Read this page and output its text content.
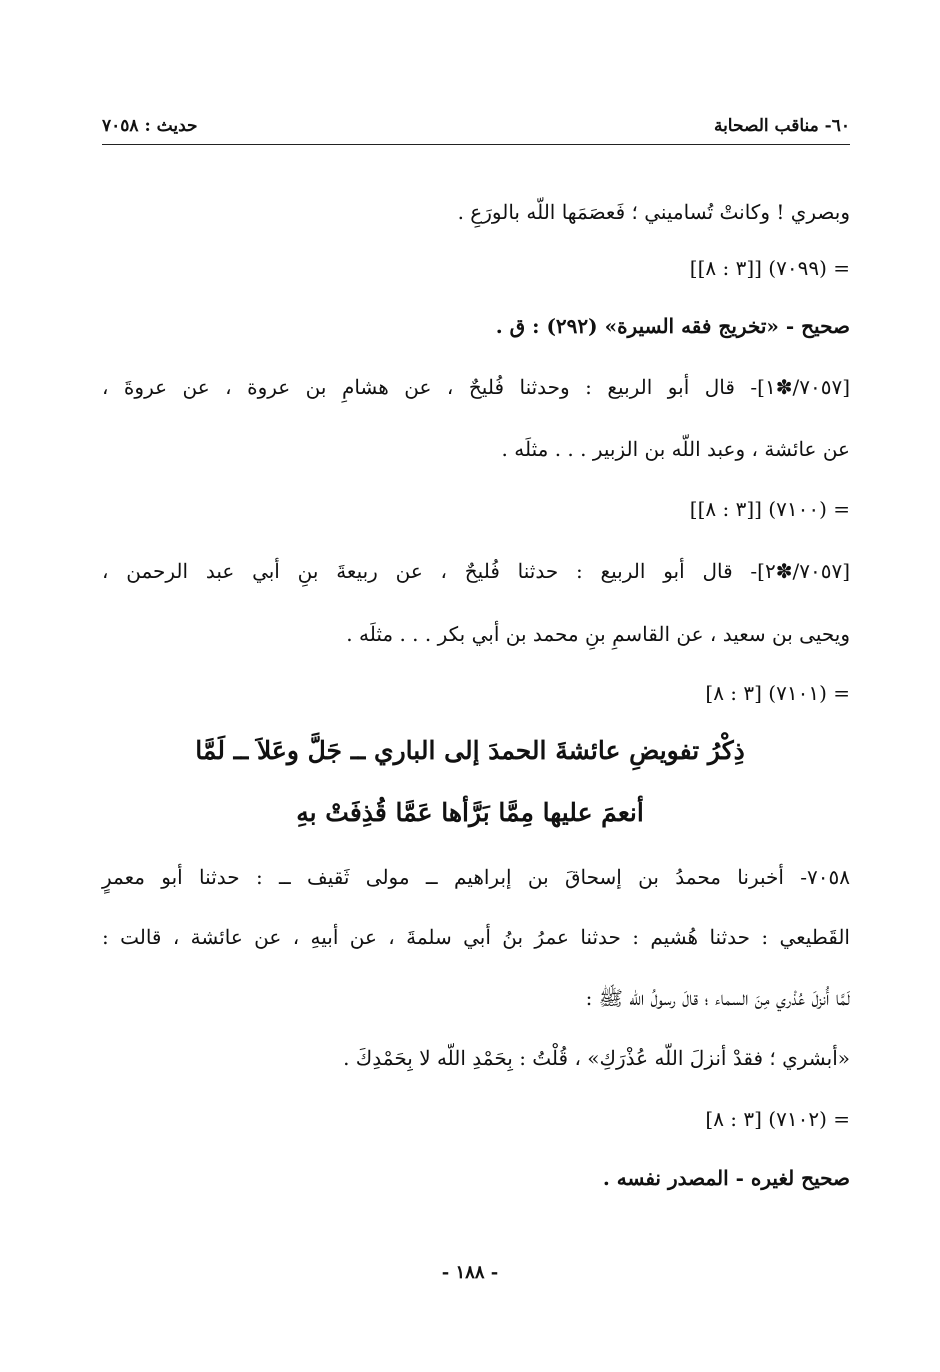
٦٠- مناقب الصحابة
حديث : ٧٠٥٨
وبصري ! وكانتْ تُساميني ؛ فَعصَمَها اللّه بالورَعِ .
= (٧٠٩٩) [[٣ : ٨]]
صحيح - «تخريج فقه السيرة» (٢٩٢) : ق .
[٧٠٥٧/✽١]- قال أبو الربيع : وحدثنا فُليحٌ ، عن هشامِ بن عروة ، عن عروةَ ،
عن عائشة ، وعبد اللّه بن الزبير . . . مثلَه .
= (٧١٠٠) [[٣ : ٨]]
[٧٠٥٧/✽٢]- قال أبو الربيع : حدثنا فُليحٌ ، عن ربيعةَ بنِ أبي عبد الرحمن ،
ويحيى بن سعيد ، عن القاسمِ بنِ محمد بن أبي بكر . . . مثلَه .
= (٧١٠١) [٣ : ٨]
ذِكْرُ تفويضِ عائشةَ الحمدَ إلى الباري ــ جَلَّ وعَلاَ ــ لَمَّا
أنعمَ عليها مِمَّا بَرَّأها عَمَّا قُذِفَتْ بهِ
٧٠٥٨- أخبرنا محمدُ بن إسحاقَ بن إبراهيم ــ مولى ثَقيف ــ : حدثنا أبو معمرٍ
القَطيعي : حدثنا هُشيم : حدثنا عمرُ بنُ أبي سلمةَ ، عن أبيهِ ، عن عائشة ، قالت :
لَمَّا أُنزلَ عُذْري مِنَ السماء ؛ قالَ رسولُ اللّه ﷺ :
«أبشري ؛ فقدْ أنزلَ اللّه عُذْرَكِ» ، قُلْتُ : بِحَمْدِ اللّه لا بِحَمْدِكَ .
= (٧١٠٢) [٣ : ٨]
صحيح لغيره - المصدر نفسه .
- ١٨٨ -
